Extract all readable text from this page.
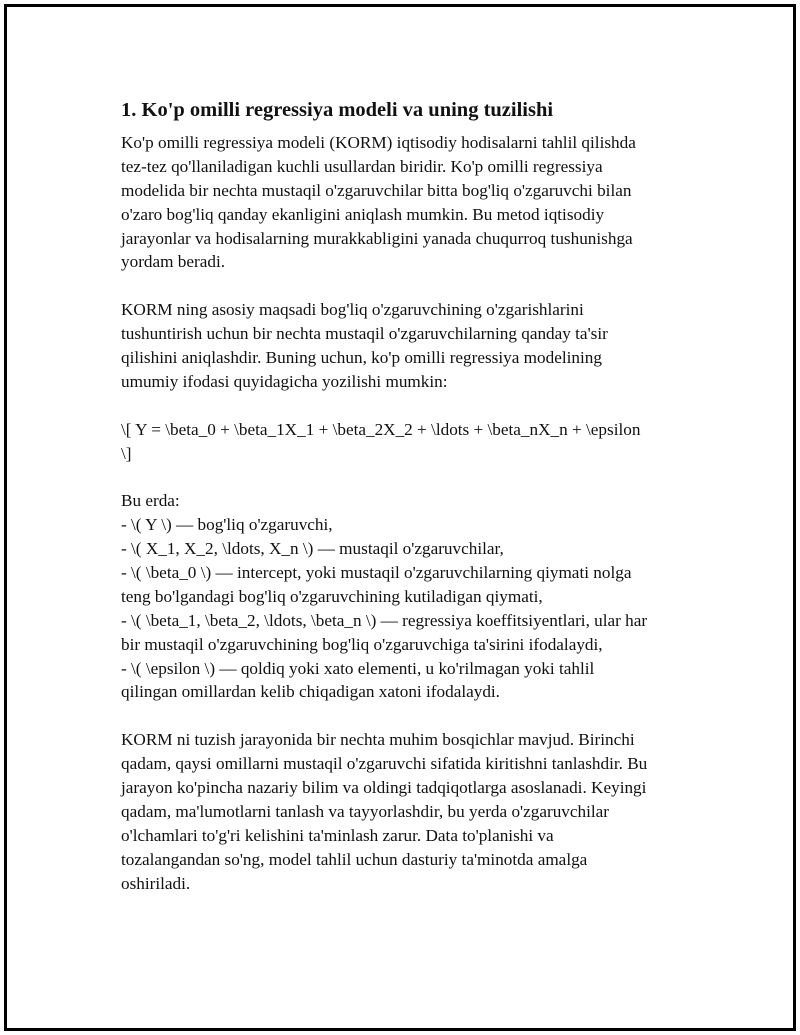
1. Ko'p omilli regressiya modeli va uning tuzilishi
Ko'p omilli regressiya modeli (KORM) iqtisodiy hodisalarni tahlil qilishda
tez-tez qo'llaniladigan kuchli usullardan biridir. Ko'p omilli regressiya
modelida bir nechta mustaqil o'zgaruvchilar bitta bog'liq o'zgaruvchi bilan
o'zaro bog'liq qanday ekanligini aniqlash mumkin. Bu metod iqtisodiy
jarayonlar va hodisalarning murakkabligini yanada chuqurroq tushunishga
yordam beradi.
KORM ning asosiy maqsadi bog'liq o'zgaruvchining o'zgarishlarini
tushuntirish uchun bir nechta mustaqil o'zgaruvchilarning qanday ta'sir
qilishini aniqlashdir. Buning uchun, ko'p omilli regressiya modelining
umumiy ifodasi quyidagicha yozilishi mumkin:
\[ Y = \beta_0 + \beta_1X_1 + \beta_2X_2 + \ldots + \beta_nX_n + \epsilon
\]
Bu erda:
- \( Y \) — bog'liq o'zgaruvchi,
- \( X_1, X_2, \ldots, X_n \) — mustaqil o'zgaruvchilar,
- \( \beta_0 \) — intercept, yoki mustaqil o'zgaruvchilarning qiymati nolga
teng bo'lgandagi bog'liq o'zgaruvchining kutiladigan qiymati,
- \( \beta_1, \beta_2, \ldots, \beta_n \) — regressiya koeffitsiyentlari, ular har
bir mustaqil o'zgaruvchining bog'liq o'zgaruvchiga ta'sirini ifodalaydi,
- \( \epsilon \) — qoldiq yoki xato elementi, u ko'rilmagan yoki tahlil
qilingan omillardan kelib chiqadigan xatoni ifodalaydi.
KORM ni tuzish jarayonida bir nechta muhim bosqichlar mavjud. Birinchi
qadam, qaysi omillarni mustaqil o'zgaruvchi sifatida kiritishni tanlashdir. Bu
jarayon ko'pincha nazariy bilim va oldingi tadqiqotlarga asoslanadi. Keyingi
qadam, ma'lumotlarni tanlash va tayyorlashdir, bu yerda o'zgaruvchilar
o'lchamlari to'g'ri kelishini ta'minlash zarur. Data to'planishi va
tozalangandan so'ng, model tahlil uchun dasturiy ta'minotda amalga
oshiriladi.
